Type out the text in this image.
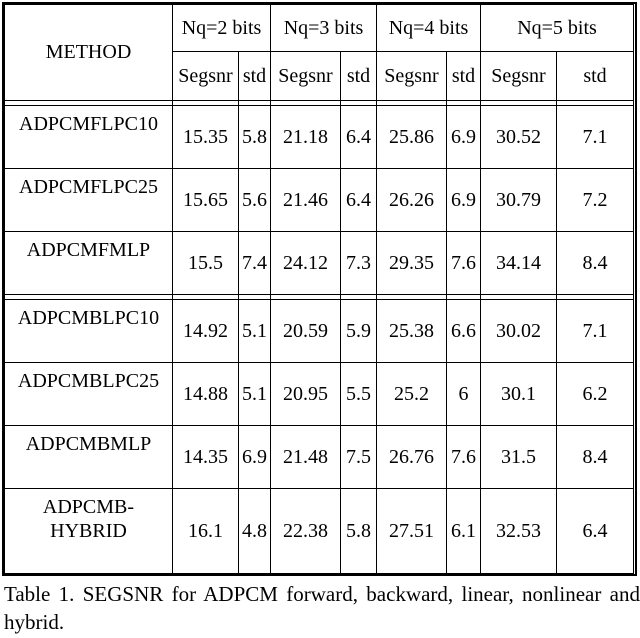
METHOD	Nq=2 bits		Nq=3 bits		Nq=4 bits		Nq=5 bits	
	Segsnr	std	Segsnr	std	Segsnr	std	Segsnr	std

ADPCMFLPC10	15.35	5.8	21.18	6.4	25.86	6.9	30.52	7.1
ADPCMFLPC25	15.65	5.6	21.46	6.4	26.26	6.9	30.79	7.2
ADPCMFMLP	15.5	7.4	24.12	7.3	29.35	7.6	34.14	8.4

ADPCMBLPC10	14.92	5.1	20.59	5.9	25.38	6.6	30.02	7.1
ADPCMBLPC25	14.88	5.1	20.95	5.5	25.2	6	30.1	6.2
ADPCMBMLP	14.35	6.9	21.48	7.5	26.76	7.6	31.5	8.4

ADPCMB-
HYBRID	16.1	4.8	22.38	5.8	27.51	6.1	32.53	6.4
Table 1. SEGSNR for ADPCM forward, backward, linear, nonlinear and hybrid.
